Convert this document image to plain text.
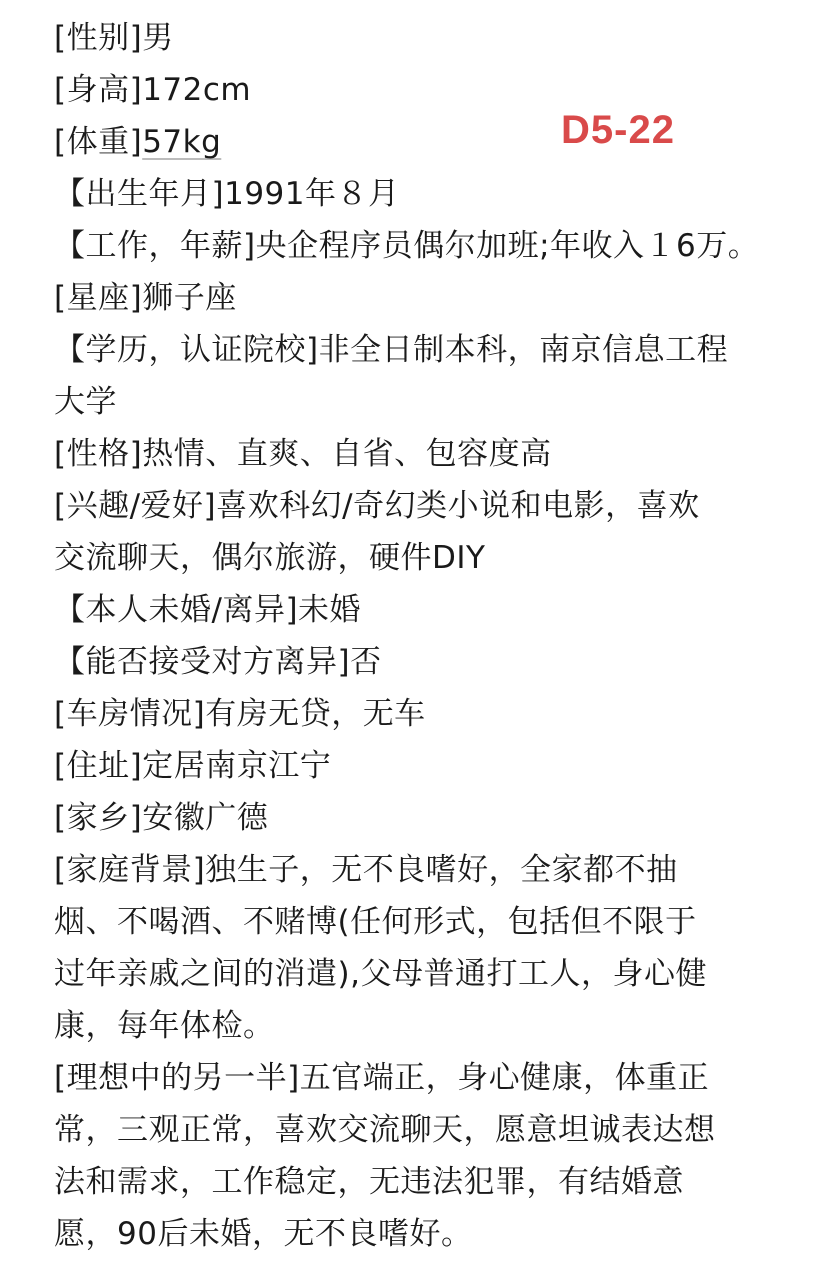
[性别]男
[身高]172cm
[体重]57kg
【出生年月]1991年８月
【工作，年薪]央企程序员偶尔加班;年收入１6万。
[星座]狮子座
【学历，认证院校]非全日制本科，南京信息工程
大学
[性格]热情、直爽、自省、包容度高
[兴趣/爱好]喜欢科幻/奇幻类小说和电影，喜欢
交流聊天，偶尔旅游，硬件DIY
【本人未婚/离异]未婚
【能否接受对方离异]否
[车房情况]有房无贷，无车
[住址]定居南京江宁
[家乡]安徽广德
[家庭背景]独生子，无不良嗜好，全家都不抽
烟、不喝酒、不赌博(任何形式，包括但不限于
过年亲戚之间的消遣),父母普通打工人，身心健
康，每年体检。
[理想中的另一半]五官端正，身心健康，体重正
常，三观正常，喜欢交流聊天，愿意坦诚表达想
法和需求，工作稳定，无违法犯罪，有结婚意
愿，90后未婚，无不良嗜好。
D5-22
